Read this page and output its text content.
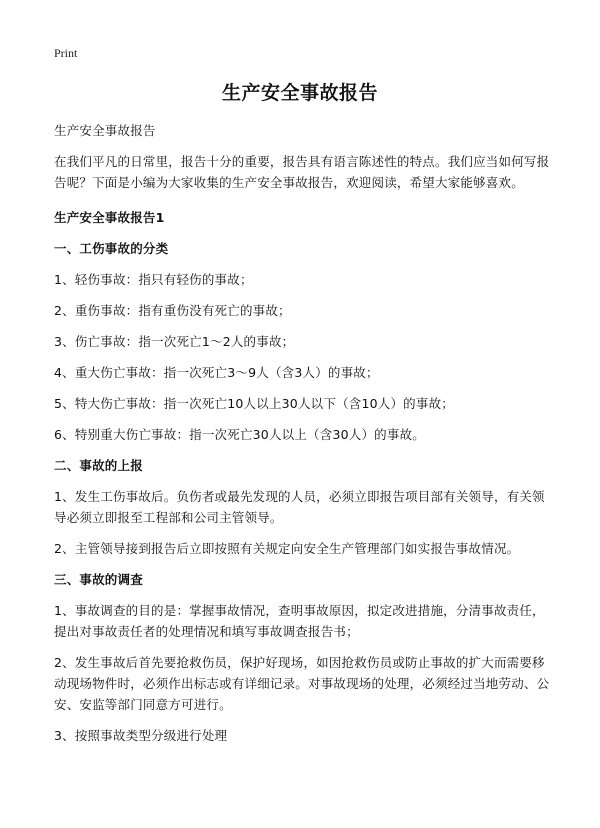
Print
生产安全事故报告

生产安全事故报告

在我们平凡的日常里，报告十分的重要，报告具有语言陈述性的特点。我们应当如何写报告呢？下面是小编为大家收集的生产安全事故报告，欢迎阅读，希望大家能够喜欢。

生产安全事故报告1

一、工伤事故的分类

1、轻伤事故：指只有轻伤的事故；

2、重伤事故：指有重伤没有死亡的事故；

3、伤亡事故：指一次死亡1～2人的事故；

4、重大伤亡事故：指一次死亡3～9人（含3人）的事故；

5、特大伤亡事故：指一次死亡10人以上30人以下（含10人）的事故；

6、特别重大伤亡事故：指一次死亡30人以上（含30人）的事故。

二、事故的上报

1、发生工伤事故后。负伤者或最先发现的人员，必须立即报告项目部有关领导，有关领导必须立即报至工程部和公司主管领导。

2、主管领导接到报告后立即按照有关规定向安全生产管理部门如实报告事故情况。

三、事故的调查

1、事故调查的目的是：掌握事故情况，查明事故原因，拟定改进措施，分清事故责任，提出对事故责任者的处理情况和填写事故调查报告书；

2、发生事故后首先要抢救伤员，保护好现场，如因抢救伤员或防止事故的扩大而需要移动现场物件时，必须作出标志或有详细记录。对事故现场的处理，必须经过当地劳动、公安、安监等部门同意方可进行。

3、按照事故类型分级进行处理
